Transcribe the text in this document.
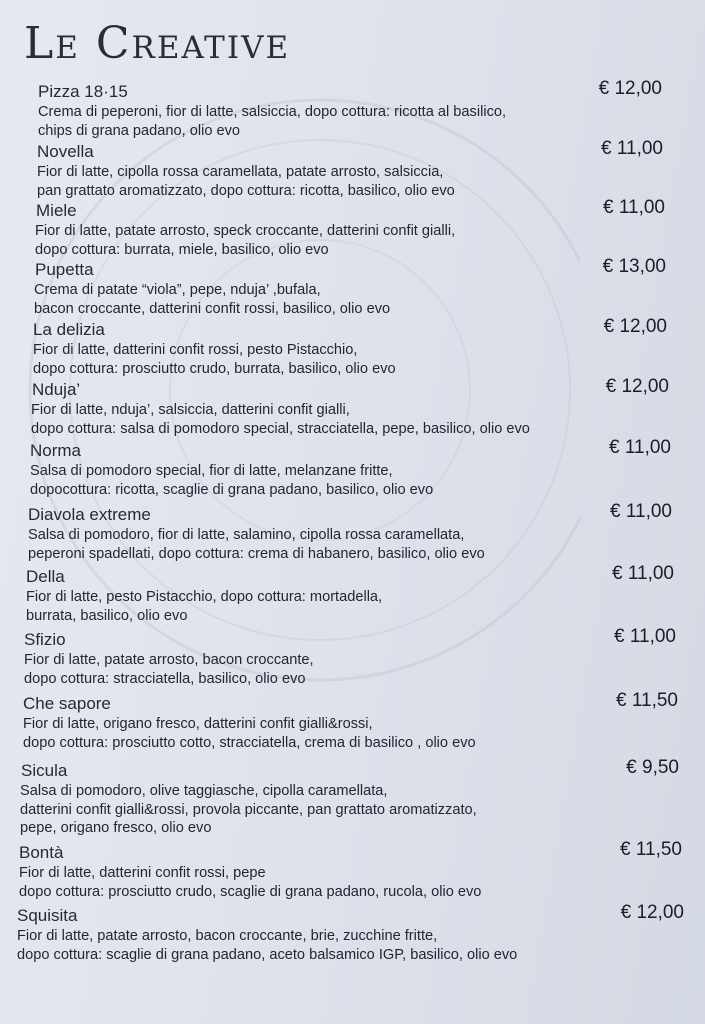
Le Creative
Pizza 18·15	€ 12,00
Crema di peperoni, fior di latte, salsiccia, dopo cottura: ricotta al basilico,
chips di grana padano, olio evo
Novella	€ 11,00
Fior di latte, cipolla rossa caramellata, patate arrosto, salsiccia,
pan grattato aromatizzato, dopo cottura: ricotta, basilico, olio evo
Miele	€ 11,00
Fior di latte, patate arrosto, speck croccante, datterini confit gialli,
dopo cottura: burrata, miele, basilico, olio evo
Pupetta	€ 13,00
Crema di patate “viola”, pepe, nduja’ ,bufala,
bacon croccante, datterini confit rossi, basilico, olio evo
La delizia	€ 12,00
Fior di latte, datterini confit rossi, pesto Pistacchio,
dopo cottura: prosciutto crudo, burrata, basilico, olio evo
Nduja’	€ 12,00
Fior di latte, nduja’, salsiccia, datterini confit gialli,
dopo cottura: salsa di pomodoro special, stracciatella, pepe, basilico, olio evo
Norma	€ 11,00
Salsa di pomodoro special, fior di latte, melanzane fritte,
dopocottura: ricotta, scaglie di grana padano, basilico, olio evo
Diavola extreme	€ 11,00
Salsa di pomodoro, fior di latte, salamino, cipolla rossa caramellata,
peperoni spadellati, dopo cottura: crema di habanero, basilico, olio evo
Della	€ 11,00
Fior di latte, pesto Pistacchio, dopo cottura: mortadella,
burrata, basilico, olio evo
Sfizio	€ 11,00
Fior di latte, patate arrosto, bacon croccante,
dopo cottura: stracciatella, basilico, olio evo
Che sapore	€ 11,50
Fior di latte, origano fresco, datterini confit gialli&rossi,
dopo cottura: prosciutto cotto, stracciatella, crema di basilico , olio evo
Sicula	€ 9,50
Salsa di pomodoro, olive taggiasche, cipolla caramellata,
datterini confit gialli&rossi, provola piccante, pan grattato aromatizzato,
pepe, origano fresco, olio evo
Bontà	€ 11,50
Fior di latte, datterini confit rossi, pepe
dopo cottura: prosciutto crudo, scaglie di grana padano, rucola, olio evo
Squisita	€ 12,00
Fior di latte, patate arrosto, bacon croccante, brie, zucchine fritte,
dopo cottura: scaglie di grana padano, aceto balsamico IGP, basilico, olio evo
